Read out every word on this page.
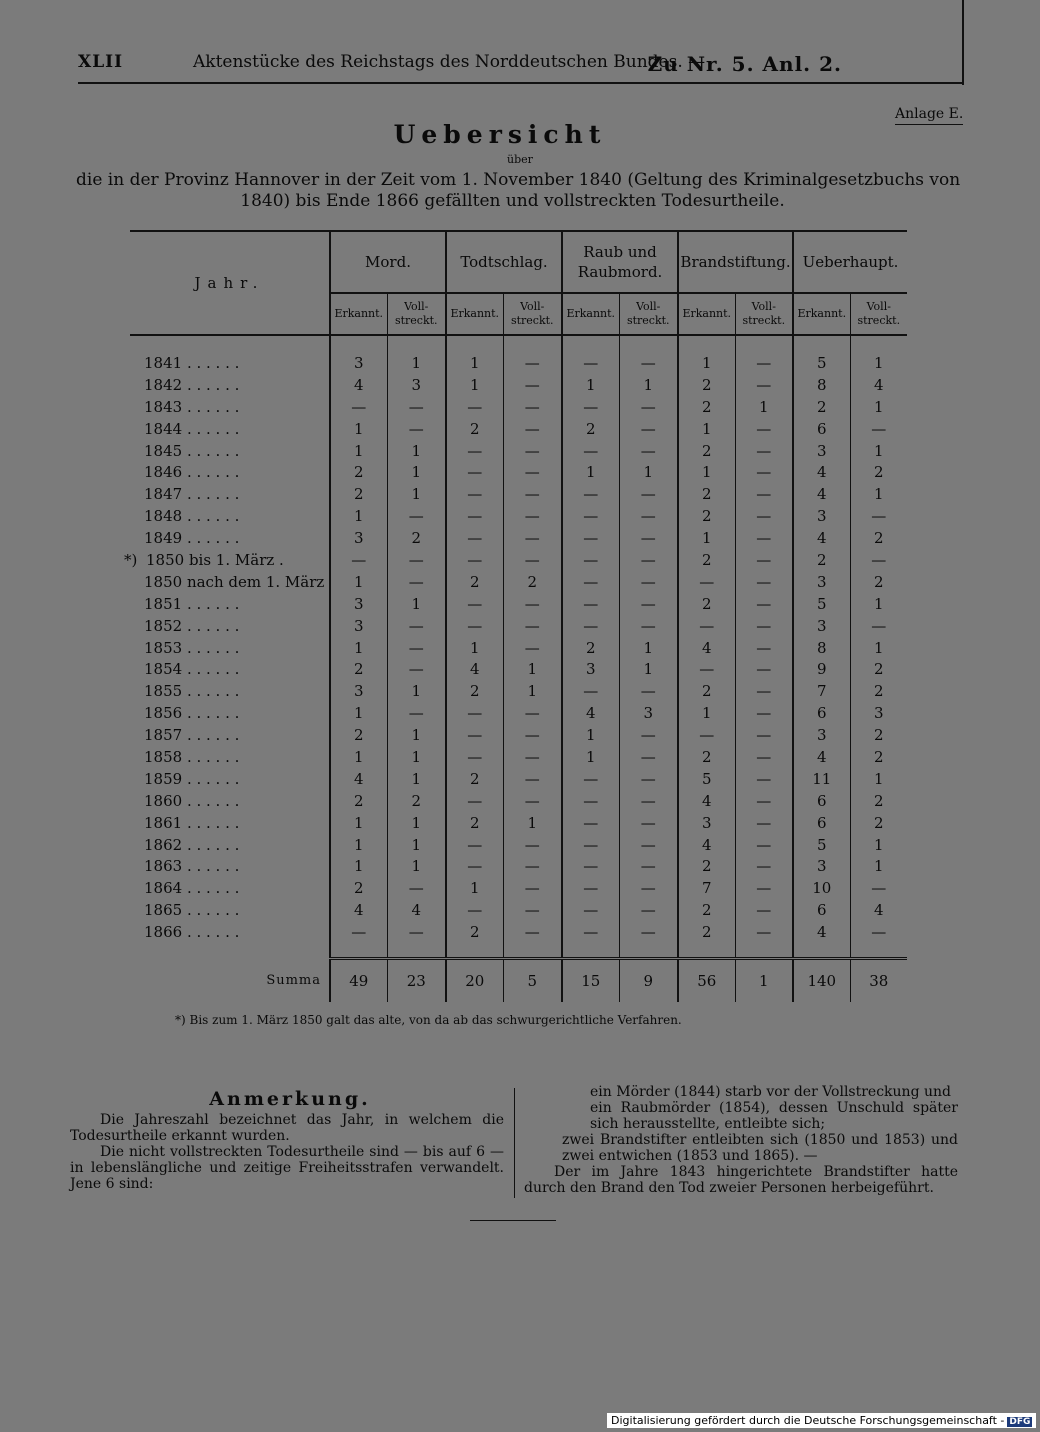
XLII	Aktenstücke des Reichstags des Norddeutschen Bundes. —
Zu Nr. 5. Anl. 2.
Anlage E.
Uebersicht
über
die in der Provinz Hannover in der Zeit vom 1. November 1840 (Geltung des Kriminalgesetzbuchs von
1840) bis Ende 1866 gefällten und vollstreckten Todesurtheile.
Jahr.	Mord.		Todtschlag.		Raub und Raubmord.		Brandstiftung.		Ueberhaupt.	
	Erkannt.	Voll-streckt.	Erkannt.	Voll-streckt.	Erkannt.	Voll-streckt.	Erkannt.	Voll-streckt.	Erkannt.	Voll-streckt.
1841 . . . . . .	3	1	1	—	—	—	1	—	5	1
1842 . . . . . .	4	3	1	—	1	1	2	—	8	4
1843 . . . . . .	—	—	—	—	—	—	2	1	2	1
1844 . . . . . .	1	—	2	—	2	—	1	—	6	—
1845 . . . . . .	1	1	—	—	—	—	2	—	3	1
1846 . . . . . .	2	1	—	—	1	1	1	—	4	2
1847 . . . . . .	2	1	—	—	—	—	2	—	4	1
1848 . . . . . .	1	—	—	—	—	—	2	—	3	—
1849 . . . . . .	3	2	—	—	—	—	1	—	4	2
*) 1850 bis 1. März .	—	—	—	—	—	—	2	—	2	—
1850 nach dem 1. März	1	—	2	2	—	—	—	—	3	2
1851 . . . . . .	3	1	—	—	—	—	2	—	5	1
1852 . . . . . .	3	—	—	—	—	—	—	—	3	—
1853 . . . . . .	1	—	1	—	2	1	4	—	8	1
1854 . . . . . .	2	—	4	1	3	1	—	—	9	2
1855 . . . . . .	3	1	2	1	—	—	2	—	7	2
1856 . . . . . .	1	—	—	—	4	3	1	—	6	3
1857 . . . . . .	2	1	—	—	1	—	—	—	3	2
1858 . . . . . .	1	1	—	—	1	—	2	—	4	2
1859 . . . . . .	4	1	2	—	—	—	5	—	11	1
1860 . . . . . .	2	2	—	—	—	—	4	—	6	2
1861 . . . . . .	1	1	2	1	—	—	3	—	6	2
1862 . . . . . .	1	1	—	—	—	—	4	—	5	1
1863 . . . . . .	1	1	—	—	—	—	2	—	3	1
1864 . . . . . .	2	—	1	—	—	—	7	—	10	—
1865 . . . . . .	4	4	—	—	—	—	2	—	6	4
1866 . . . . . .	—	—	2	—	—	—	2	—	4	—

Summa	49	23	20	5	15	9	56	1	140	38
*) Bis zum 1. März 1850 galt das alte, von da ab das schwurgerichtliche Verfahren.
Anmerkung.

Die Jahreszahl bezeichnet das Jahr, in welchem die Todesurtheile erkannt wurden.

Die nicht vollstreckten Todesurtheile sind — bis auf 6 — in lebenslängliche und zeitige Freiheitsstrafen verwandelt. Jene 6 sind:

ein Mörder (1844) starb vor der Vollstreckung und

ein Raubmörder (1854), dessen Unschuld später sich herausstellte, entleibte sich;

zwei Brandstifter entleibten sich (1850 und 1853) und zwei entwichen (1853 und 1865). —

Der im Jahre 1843 hingerichtete Brandstifter hatte durch den Brand den Tod zweier Personen herbeigeführt.

Digitalisierung gefördert durch die Deutsche Forschungsgemeinschaft - DFG
